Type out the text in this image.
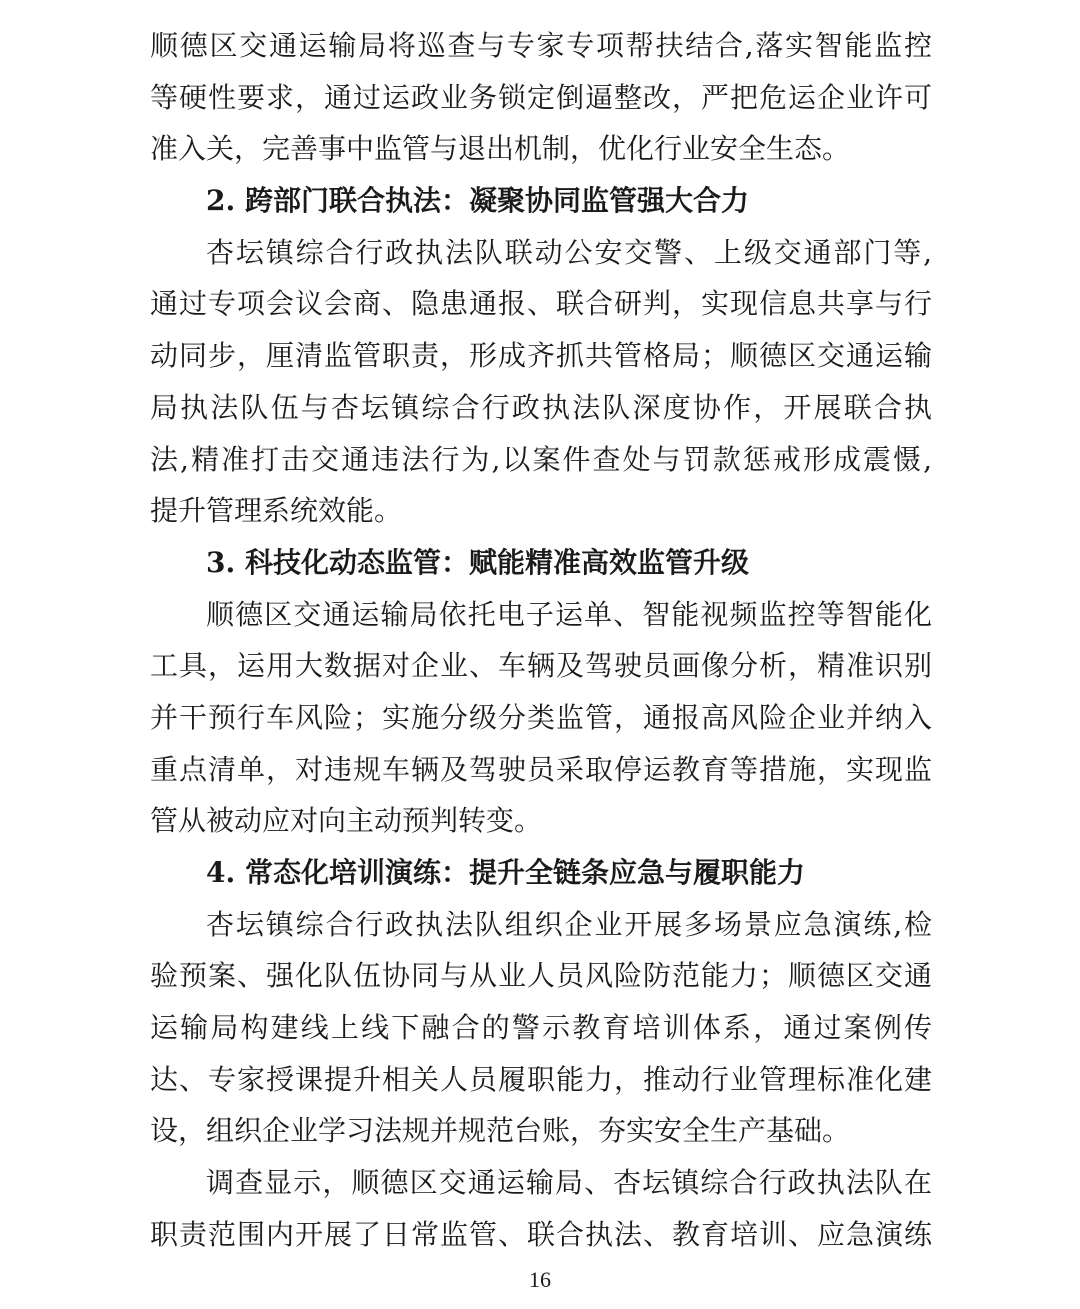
顺德区交通运输局将巡查与专家专项帮扶结合,落实智能监控
等硬性要求，通过运政业务锁定倒逼整改，严把危运企业许可
准入关，完善事中监管与退出机制，优化行业安全生态。
2. 跨部门联合执法：凝聚协同监管强大合力
杏坛镇综合行政执法队联动公安交警、上级交通部门等,
通过专项会议会商、隐患通报、联合研判，实现信息共享与行
动同步，厘清监管职责，形成齐抓共管格局；顺德区交通运输
局执法队伍与杏坛镇综合行政执法队深度协作，开展联合执
法,精准打击交通违法行为,以案件查处与罚款惩戒形成震慑,
提升管理系统效能。
3. 科技化动态监管：赋能精准高效监管升级
顺德区交通运输局依托电子运单、智能视频监控等智能化
工具，运用大数据对企业、车辆及驾驶员画像分析，精准识别
并干预行车风险；实施分级分类监管，通报高风险企业并纳入
重点清单，对违规车辆及驾驶员采取停运教育等措施，实现监
管从被动应对向主动预判转变。
4. 常态化培训演练：提升全链条应急与履职能力
杏坛镇综合行政执法队组织企业开展多场景应急演练,检
验预案、强化队伍协同与从业人员风险防范能力；顺德区交通
运输局构建线上线下融合的警示教育培训体系，通过案例传
达、专家授课提升相关人员履职能力，推动行业管理标准化建
设，组织企业学习法规并规范台账，夯实安全生产基础。
调查显示，顺德区交通运输局、杏坛镇综合行政执法队在
职责范围内开展了日常监管、联合执法、教育培训、应急演练
16
